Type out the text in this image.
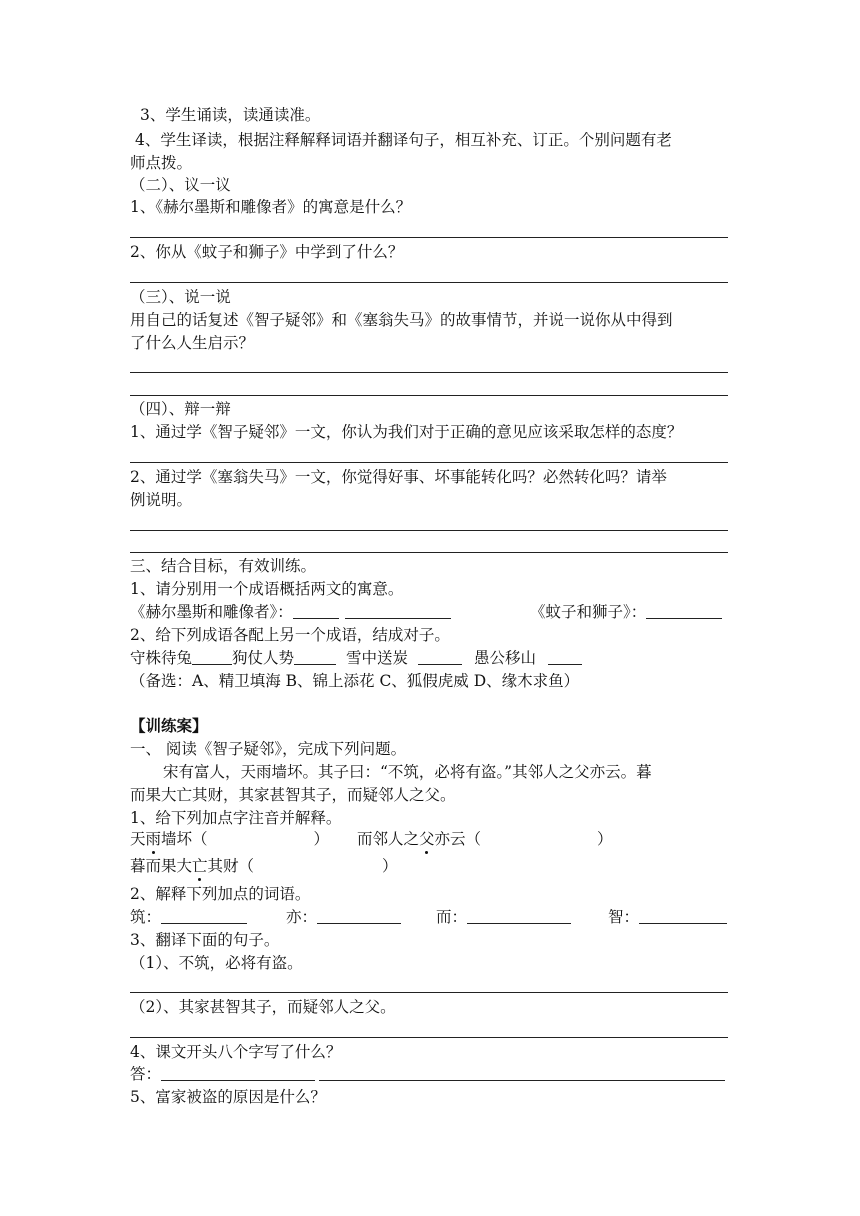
3、学生诵读，读通读准。
4、学生译读，根据注释解释词语并翻译句子，相互补充、订正。个别问题有老
师点拨。
（二）、议一议
1、《赫尔墨斯和雕像者》的寓意是什么？
2、你从《蚊子和狮子》中学到了什么？
（三）、说一说
用自己的话复述《智子疑邻》和《塞翁失马》的故事情节，并说一说你从中得到
了什么人生启示？
（四）、辩一辩
1、通过学《智子疑邻》一文，你认为我们对于正确的意见应该采取怎样的态度？
2、通过学《塞翁失马》一文，你觉得好事、坏事能转化吗？必然转化吗？请举
例说明。
三、结合目标，有效训练。
1、请分别用一个成语概括两文的寓意。
《赫尔墨斯和雕像者》：	《蚊子和狮子》：
2、给下列成语各配上另一个成语，结成对子。
守株待兔	狗仗人势	雪中送炭	愚公移山
（备选：A、精卫填海 B、锦上添花 C、狐假虎威 D、缘木求鱼）
【训练案】
一、 阅读《智子疑邻》，完成下列问题。
宋有富人，天雨墙坏。其子曰：“不筑，必将有盗。”其邻人之父亦云。暮
而果大亡其财，其家甚智其子，而疑邻人之父。
1、给下列加点字注音并解释。
天雨墙坏（	） 而邻人之父亦云（	）
暮而果大亡其财（	）
2、解释下列加点的词语。
筑：	亦：	而：	智：
3、翻译下面的句子。
（1）、不筑，必将有盗。
（2）、其家甚智其子，而疑邻人之父。
4、课文开头八个字写了什么？
答：
5、富家被盗的原因是什么？
